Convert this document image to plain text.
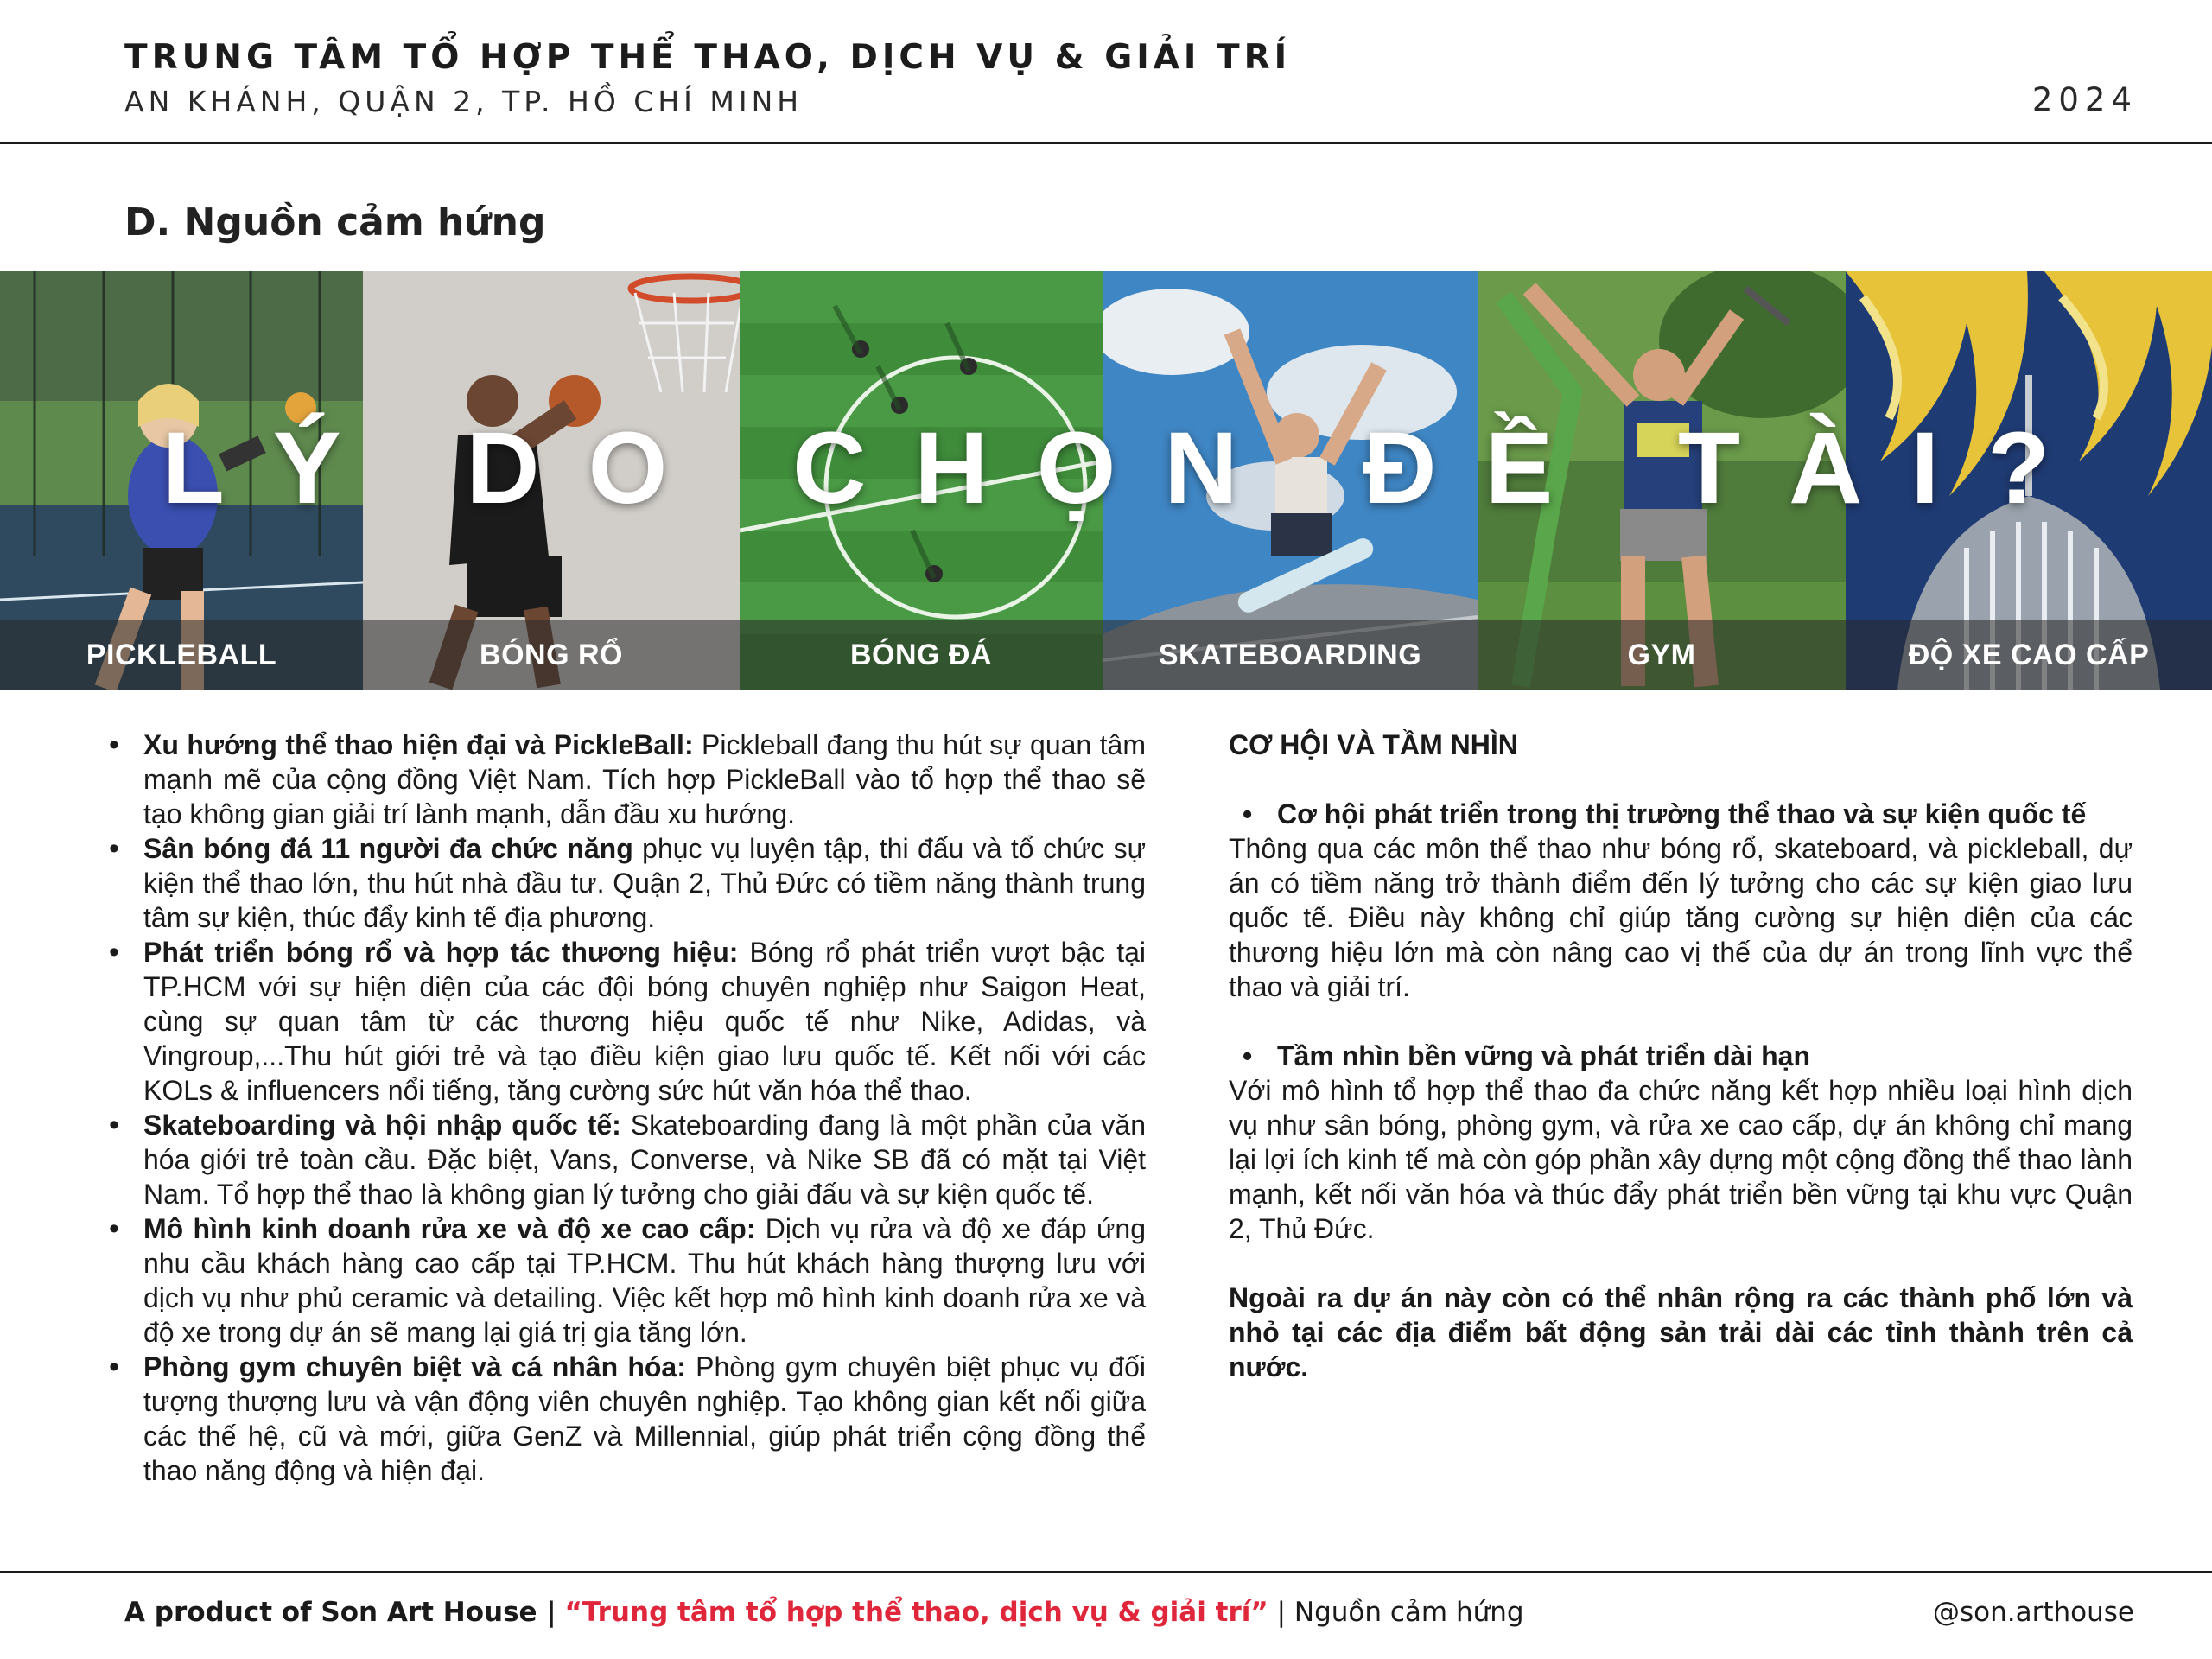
TRUNG TÂM TỔ HỢP THỂ THAO, DỊCH VỤ & GIẢI TRÍ
AN KHÁNH, QUẬN 2, TP. HỒ CHÍ MINH	2024
D. Nguồn cảm hứng
PICKLEBALL	BÓNG RỔ	BÓNG ĐÁ	SKATEBOARDING	GYM	ĐỘ XE CAO CẤP
LÝ DO CHỌN ĐỀ TÀI?
• Xu hướng thể thao hiện đại và PickleBall: Pickleball đang thu hút sự quan tâm mạnh mẽ của cộng đồng Việt Nam. Tích hợp PickleBall vào tổ hợp thể thao sẽ tạo không gian giải trí lành mạnh, dẫn đầu xu hướng.
• Sân bóng đá 11 người đa chức năng phục vụ luyện tập, thi đấu và tổ chức sự kiện thể thao lớn, thu hút nhà đầu tư. Quận 2, Thủ Đức có tiềm năng thành trung tâm sự kiện, thúc đẩy kinh tế địa phương.
• Phát triển bóng rổ và hợp tác thương hiệu: Bóng rổ phát triển vượt bậc tại TP.HCM với sự hiện diện của các đội bóng chuyên nghiệp như Saigon Heat, cùng sự quan tâm từ các thương hiệu quốc tế như Nike, Adidas, và Vingroup,...Thu hút giới trẻ và tạo điều kiện giao lưu quốc tế. Kết nối với các KOLs & influencers nổi tiếng, tăng cường sức hút văn hóa thể thao.
• Skateboarding và hội nhập quốc tế: Skateboarding đang là một phần của văn hóa giới trẻ toàn cầu. Đặc biệt, Vans, Converse, và Nike SB đã có mặt tại Việt Nam. Tổ hợp thể thao là không gian lý tưởng cho giải đấu và sự kiện quốc tế.
• Mô hình kinh doanh rửa xe và độ xe cao cấp: Dịch vụ rửa và độ xe đáp ứng nhu cầu khách hàng cao cấp tại TP.HCM. Thu hút khách hàng thượng lưu với dịch vụ như phủ ceramic và detailing. Việc kết hợp mô hình kinh doanh rửa xe và độ xe trong dự án sẽ mang lại giá trị gia tăng lớn.
• Phòng gym chuyên biệt và cá nhân hóa: Phòng gym chuyên biệt phục vụ đối tượng thượng lưu và vận động viên chuyên nghiệp. Tạo không gian kết nối giữa các thế hệ, cũ và mới, giữa GenZ và Millennial, giúp phát triển cộng đồng thể thao năng động và hiện đại.
CƠ HỘI VÀ TẦM NHÌN
• Cơ hội phát triển trong thị trường thể thao và sự kiện quốc tế

Thông qua các môn thể thao như bóng rổ, skateboard, và pickleball, dự án có tiềm năng trở thành điểm đến lý tưởng cho các sự kiện giao lưu quốc tế. Điều này không chỉ giúp tăng cường sự hiện diện của các thương hiệu lớn mà còn nâng cao vị thế của dự án trong lĩnh vực thể thao và giải trí.

• Tầm nhìn bền vững và phát triển dài hạn

Với mô hình tổ hợp thể thao đa chức năng kết hợp nhiều loại hình dịch vụ như sân bóng, phòng gym, và rửa xe cao cấp, dự án không chỉ mang lại lợi ích kinh tế mà còn góp phần xây dựng một cộng đồng thể thao lành mạnh, kết nối văn hóa và thúc đẩy phát triển bền vững tại khu vực Quận 2, Thủ Đức.

Ngoài ra dự án này còn có thể nhân rộng ra các thành phố lớn và nhỏ tại các địa điểm bất động sản trải dài các tỉnh thành trên cả nước.

A product of Son Art House | “Trung tâm tổ hợp thể thao, dịch vụ & giải trí” | Nguồn cảm hứng	@son.arthouse
